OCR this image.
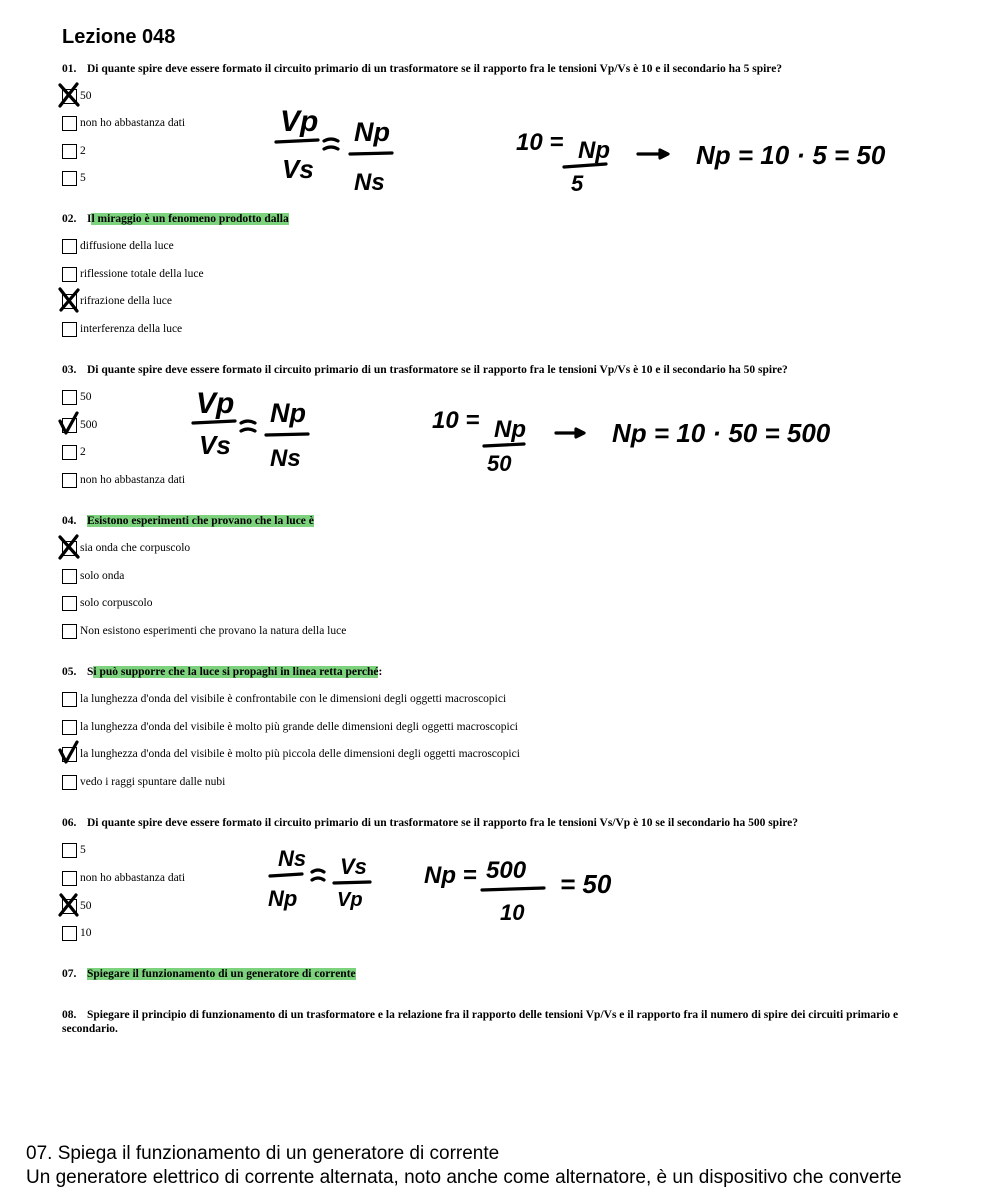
Lezione 048
01. Di quante spire deve essere formato il circuito primario di un trasformatore se il rapporto fra le tensioni Vp/Vs è 10 e il secondario ha 5 spire?
50
non ho abbastanza dati
2
5
02. Il miraggio è un fenomeno prodotto dalla
diffusione della luce
riflessione totale della luce
rifrazione della luce
interferenza della luce
03. Di quante spire deve essere formato il circuito primario di un trasformatore se il rapporto fra le tensioni Vp/Vs è 10 e il secondario ha 50 spire?
50
500
2
non ho abbastanza dati
04. Esistono esperimenti che provano che la luce è
sia onda che corpuscolo
solo onda
solo corpuscolo
Non esistono esperimenti che provano la natura della luce
05. Si può supporre che la luce si propaghi in linea retta perché:
la lunghezza d'onda del visibile è confrontabile con le dimensioni degli oggetti macroscopici
la lunghezza d'onda del visibile è molto più grande delle dimensioni degli oggetti macroscopici
la lunghezza d'onda del visibile è molto più piccola delle dimensioni degli oggetti macroscopici
vedo i raggi spuntare dalle nubi
06. Di quante spire deve essere formato il circuito primario di un trasformatore se il rapporto fra le tensioni Vs/Vp è 10 se il secondario ha 500 spire?
5
non ho abbastanza dati
50
10
07. Spiegare il funzionamento di un generatore di corrente
08. Spiegare il principio di funzionamento di un trasformatore e la relazione fra il rapporto delle tensioni Vp/Vs e il rapporto fra il numero di spire dei circuiti primario e secondario.
Vp
Vs
Np
Ns
10 = Np
5
Np = 10 · 5 = 50
Vp
Vs
Np
Ns
10 = Np
50
Np = 10 · 50 = 500
Ns
Np
Vs
Vp
Np = 500
10
= 50
07. Spiega il funzionamento di un generatore di corrente
Un generatore elettrico di corrente alternata, noto anche come alternatore, è un dispositivo che converte
